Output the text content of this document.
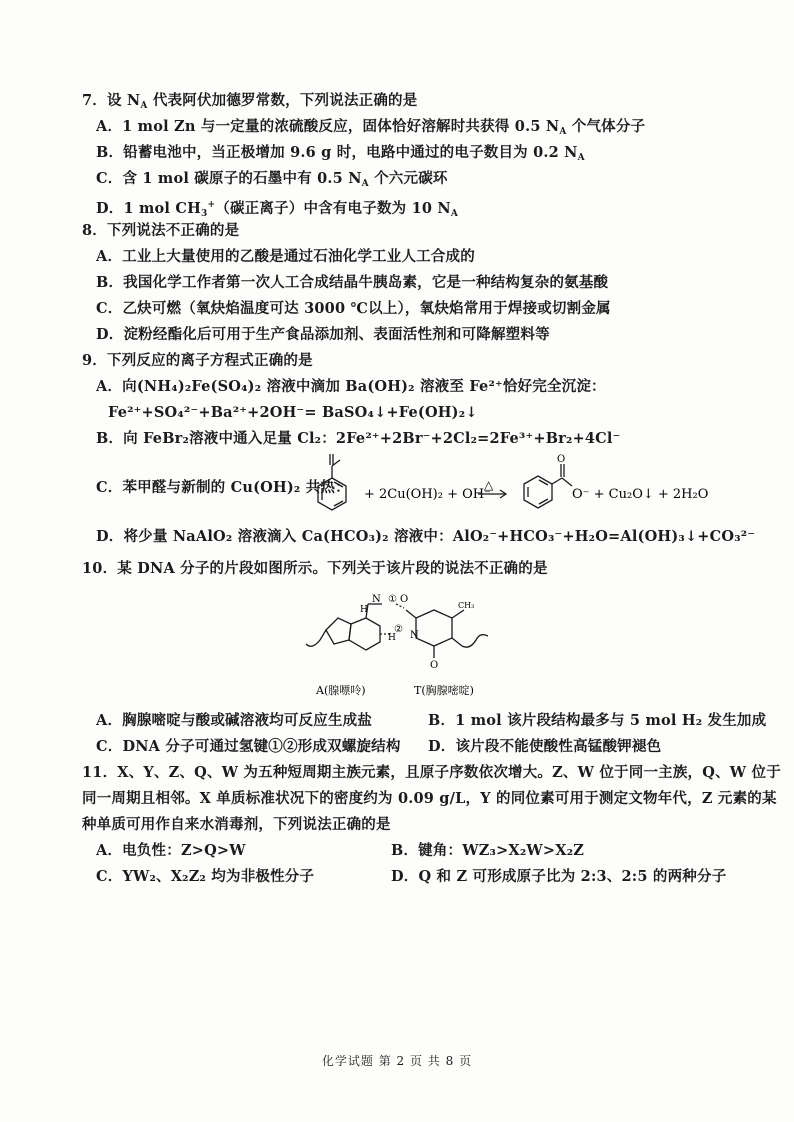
7．设 $N_A$ 代表阿伏加德罗常数，下列说法正确的是
A．1 mol Zn 与一定量的浓硫酸反应，固体恰好溶解时共获得 0.5 $N_A$ 个气体分子
B．铅蓄电池中，当正极增加 9.6 g 时，电路中通过的电子数目为 0.2 $N_A$
C．含 1 mol 碳原子的石墨中有 0.5 $N_A$ 个六元碳环
D．1 mol $CH_3^+$（碳正离子）中含有电子数为 10 $N_A$
8．下列说法不正确的是
A．工业上大量使用的乙酸是通过石油化学工业人工合成的
B．我国化学工作者第一次人工合成结晶牛胰岛素，它是一种结构复杂的氨基酸
C．乙炔可燃（氧炔焰温度可达 3000 ℃以上），氧炔焰常用于焊接或切割金属
D．淀粉经酯化后可用于生产食品添加剂、表面活性剂和可降解塑料等
9．下列反应的离子方程式正确的是
A．向(NH₄)₂Fe(SO₄)₂ 溶液中滴加 Ba(OH)₂ 溶液至 Fe²⁺恰好完全沉淀：
Fe²⁺+SO₄²⁻+Ba²⁺+2OH⁻= BaSO₄↓+Fe(OH)₂↓
B．向 FeBr₂溶液中通入足量 Cl₂：2Fe²⁺+2Br⁻+2Cl₂=2Fe³⁺+Br₂+4Cl⁻
C．苯甲醛与新制的 Cu(OH)₂ 共热： + 2Cu(OH)₂ + OH⁻
△
O
O⁻ + Cu₂O↓ + 2H₂O
D．将少量 NaAlO₂ 溶液滴入 Ca(HCO₃)₂ 溶液中：AlO₂⁻+HCO₃⁻+H₂O=Al(OH)₃↓+CO₃²⁻
10．某 DNA 分子的片段如图所示。下列关于该片段的说法不正确的是
N
H
O
H N
CH₃
O
①
②
A(腺嘌呤)	T(胸腺嘧啶)
A．胸腺嘧啶与酸或碱溶液均可反应生成盐	B．1 mol 该片段结构最多与 5 mol H₂ 发生加成
C．DNA 分子可通过氢键①②形成双螺旋结构 D．该片段不能使酸性高锰酸钾褪色
11．X、Y、Z、Q、W 为五种短周期主族元素，且原子序数依次增大。Z、W 位于同一主族，Q、W 位于
同一周期且相邻。X 单质标准状况下的密度约为 0.09 g/L，Y 的同位素可用于测定文物年代，Z 元素的某
种单质可用作自来水消毒剂，下列说法正确的是
A．电负性：Z>Q>W	B．键角：WZ₃>X₂W>X₂Z
C．YW₂、X₂Z₂ 均为非极性分子	D．Q 和 Z 可形成原子比为 2:3、2:5 的两种分子
化学试题 第 2 页 共 8 页
